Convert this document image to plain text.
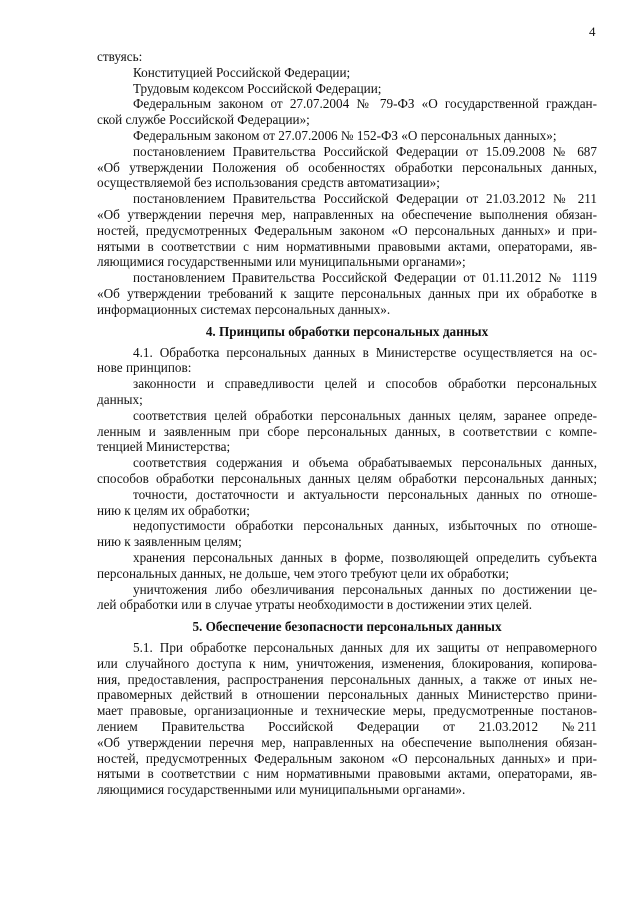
4
ствуясь:
Конституцией Российской Федерации;
Трудовым кодексом Российской Федерации;
Федеральным законом от 27.07.2004 № 79-ФЗ «О государственной граждан-
ской службе Российской Федерации»;
Федеральным законом от 27.07.2006 № 152-ФЗ «О персональных данных»;
постановлением Правительства Российской Федерации от 15.09.2008 № 687
«Об утверждении Положения об особенностях обработки персональных данных,
осуществляемой без использования средств автоматизации»;
постановлением Правительства Российской Федерации от 21.03.2012 № 211
«Об утверждении перечня мер, направленных на обеспечение выполнения обязан-
ностей, предусмотренных Федеральным законом «О персональных данных» и при-
нятыми в соответствии с ним нормативными правовыми актами, операторами, яв-
ляющимися государственными или муниципальными органами»;
постановлением Правительства Российской Федерации от 01.11.2012 № 1119
«Об утверждении требований к защите персональных данных при их обработке в
информационных системах персональных данных».
4. Принципы обработки персональных данных
4.1. Обработка персональных данных в Министерстве осуществляется на ос-
нове принципов:
законности и справедливости целей и способов обработки персональных
данных;
соответствия целей обработки персональных данных целям, заранее опреде-
ленным и заявленным при сборе персональных данных, в соответствии с компе-
тенцией Министерства;
соответствия содержания и объема обрабатываемых персональных данных,
способов обработки персональных данных целям обработки персональных данных;
точности, достаточности и актуальности персональных данных по отноше-
нию к целям их обработки;
недопустимости обработки персональных данных, избыточных по отноше-
нию к заявленным целям;
хранения персональных данных в форме, позволяющей определить субъекта
персональных данных, не дольше, чем этого требуют цели их обработки;
уничтожения либо обезличивания персональных данных по достижении це-
лей обработки или в случае утраты необходимости в достижении этих целей.
5. Обеспечение безопасности персональных данных
5.1. При обработке персональных данных для их защиты от неправомерного
или случайного доступа к ним, уничтожения, изменения, блокирования, копирова-
ния, предоставления, распространения персональных данных, а также от иных не-
правомерных действий в отношении персональных данных Министерство прини-
мает правовые, организационные и технические меры, предусмотренные постанов-
лением Правительства Российской Федерации от 21.03.2012 № 211
«Об утверждении перечня мер, направленных на обеспечение выполнения обязан-
ностей, предусмотренных Федеральным законом «О персональных данных» и при-
нятыми в соответствии с ним нормативными правовыми актами, операторами, яв-
ляющимися государственными или муниципальными органами».
